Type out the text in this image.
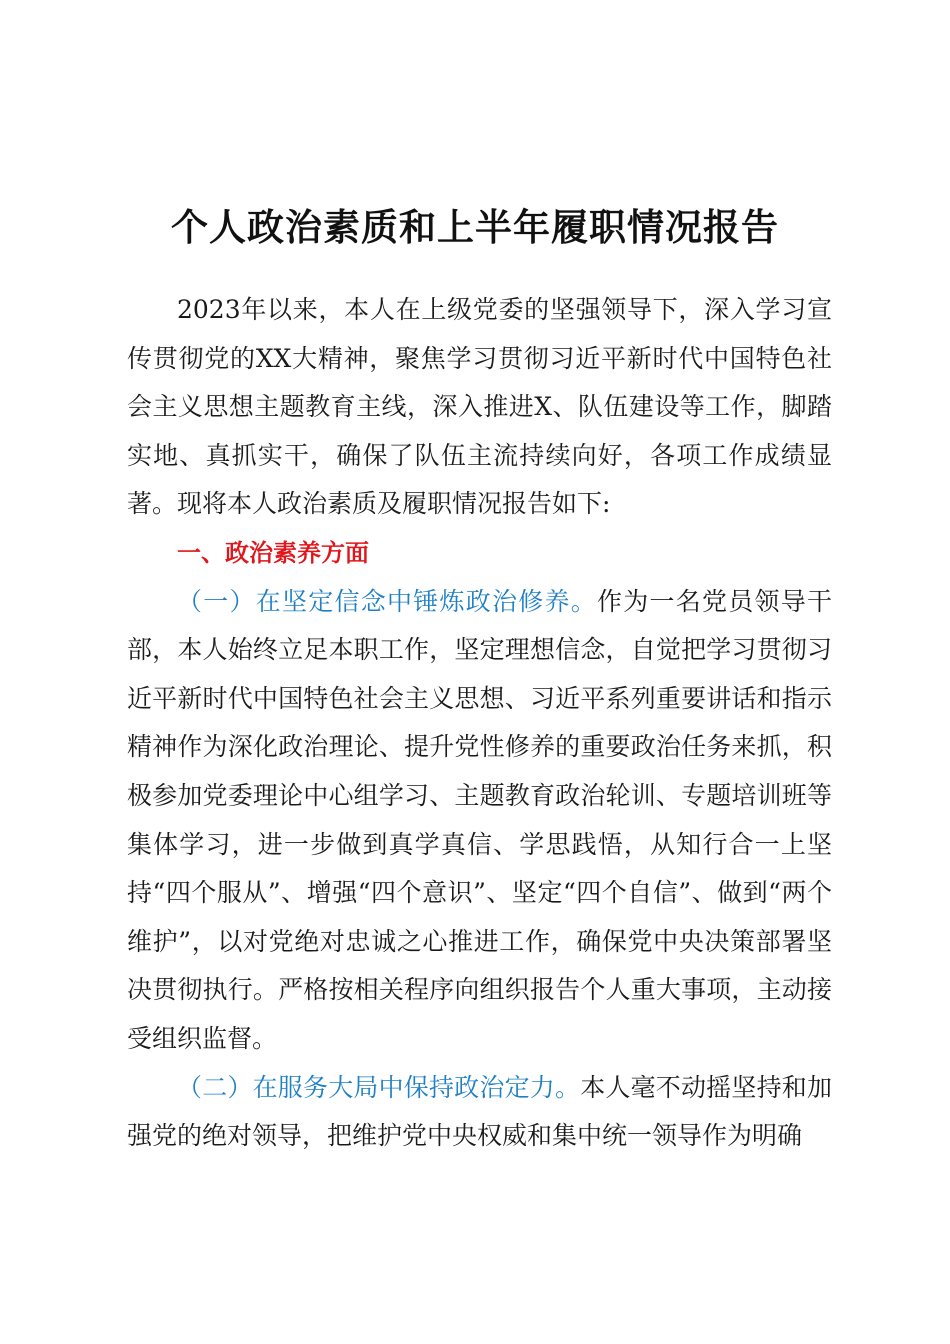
个人政治素质和上半年履职情况报告

2023年以来，本人在上级党委的坚强领导下，深入学习宣传贯彻党的XX大精神，聚焦学习贯彻习近平新时代中国特色社会主义思想主题教育主线，深入推进X、队伍建设等工作，脚踏实地、真抓实干，确保了队伍主流持续向好，各项工作成绩显著。现将本人政治素质及履职情况报告如下:

一、政治素养方面

（一）在坚定信念中锤炼政治修养。作为一名党员领导干部，本人始终立足本职工作，坚定理想信念，自觉把学习贯彻习近平新时代中国特色社会主义思想、习近平系列重要讲话和指示精神作为深化政治理论、提升党性修养的重要政治任务来抓，积极参加党委理论中心组学习、主题教育政治轮训、专题培训班等集体学习，进一步做到真学真信、学思践悟，从知行合一上坚持“四个服从”、增强“四个意识”、坚定“四个自信”、做到“两个维护”，以对党绝对忠诚之心推进工作，确保党中央决策部署坚决贯彻执行。严格按相关程序向组织报告个人重大事项，主动接受组织监督。

（二）在服务大局中保持政治定力。本人毫不动摇坚持和加强党的绝对领导，把维护党中央权威和集中统一领导作为明确
